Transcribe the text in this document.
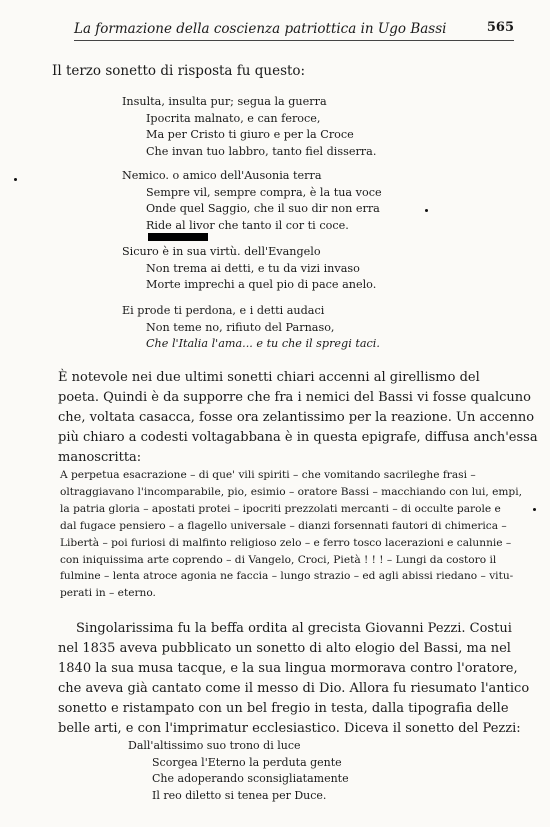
La formazione della coscienza patriottica in Ugo Bassi	565
Il terzo sonetto di risposta fu questo:
Insulta, insulta pur; segua la guerra
Ipocrita malnato, e can feroce,
Ma per Cristo ti giuro e per la Croce
Che invan tuo labbro, tanto fiel disserra.
Nemico. o amico dell'Ausonia terra
Sempre vil, sempre compra, è la tua voce
Onde quel Saggio, che il suo dir non erra
Ride al livor che tanto il cor ti coce.
Sicuro è in sua virtù. dell'Evangelo
Non trema ai detti, e tu da vizi invaso
Morte imprechi a quel pio di pace anelo.
Ei prode ti perdona, e i detti audaci
Non teme no, rifiuto del Parnaso,
Che l'Italia l'ama... e tu che il spregi taci.
È notevole nei due ultimi sonetti chiari accenni al girellismo del
poeta. Quindi è da supporre che fra i nemici del Bassi vi fosse qualcuno
che, voltata casacca, fosse ora zelantissimo per la reazione. Un accenno
più chiaro a codesti voltagabbana è in questa epigrafe, diffusa anch'essa
manoscritta:
A perpetua esacrazione – di que' vili spiriti – che vomitando sacrileghe frasi –
oltraggiavano l'incomparabile, pio, esimio – oratore Bassi – macchiando con lui, empi,
la patria gloria – apostati protei – ipocriti prezzolati mercanti – di occulte parole e
dal fugace pensiero – a flagello universale – dianzi forsennati fautori di chimerica –
Libertà – poi furiosi di malfinto religioso zelo – e ferro tosco lacerazioni e calunnie –
con iniquissima arte coprendo – di Vangelo, Croci, Pietà ! ! ! – Lungi da costoro il
fulmine – lenta atroce agonia ne faccia – lungo strazio – ed agli abissi riedano – vitu-
perati in – eterno.
Singolarissima fu la beffa ordita al grecista Giovanni Pezzi. Costui
nel 1835 aveva pubblicato un sonetto di alto elogio del Bassi, ma nel
1840 la sua musa tacque, e la sua lingua mormorava contro l'oratore,
che aveva già cantato come il messo di Dio. Allora fu riesumato l'antico
sonetto e ristampato con un bel fregio in testa, dalla tipografia delle
belle arti, e con l'imprimatur ecclesiastico. Diceva il sonetto del Pezzi:
Dall'altissimo suo trono di luce
Scorgea l'Eterno la perduta gente
Che adoperando sconsigliatamente
Il reo diletto si tenea per Duce.
